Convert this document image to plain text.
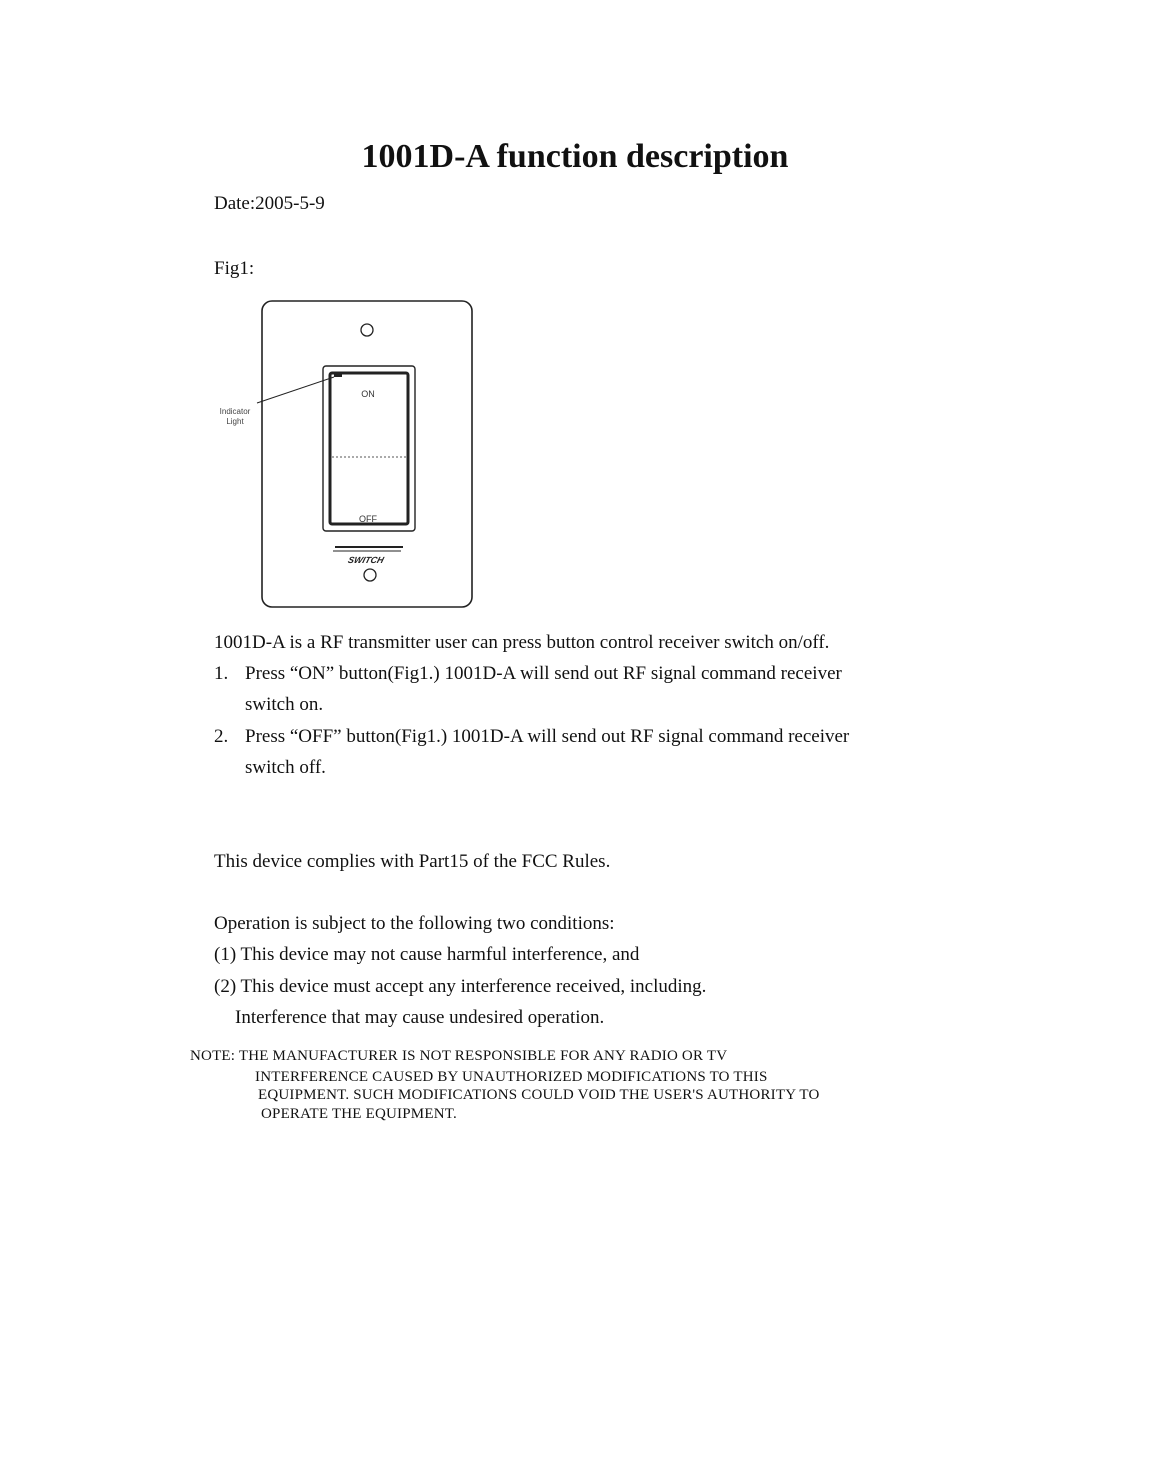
1001D-A function description
Date:2005-5-9
Fig1:
ON
OFF
Indicator
Light
SWITCH
1001D-A is a RF transmitter user can press button control receiver switch on/off.
1. Press “ON” button(Fig1.) 1001D-A will send out RF signal command receiver
switch on.
2. Press “OFF” button(Fig1.) 1001D-A will send out RF signal command receiver
switch off.
This device complies with Part15 of the FCC Rules.
Operation is subject to the following two conditions:
(1) This device may not cause harmful interference, and
(2) This device must accept any interference received, including.
Interference that may cause undesired operation.
NOTE: THE MANUFACTURER IS NOT RESPONSIBLE FOR ANY RADIO OR TV
INTERFERENCE CAUSED BY UNAUTHORIZED MODIFICATIONS TO THIS
EQUIPMENT. SUCH MODIFICATIONS COULD VOID THE USER'S AUTHORITY TO
OPERATE THE EQUIPMENT.
